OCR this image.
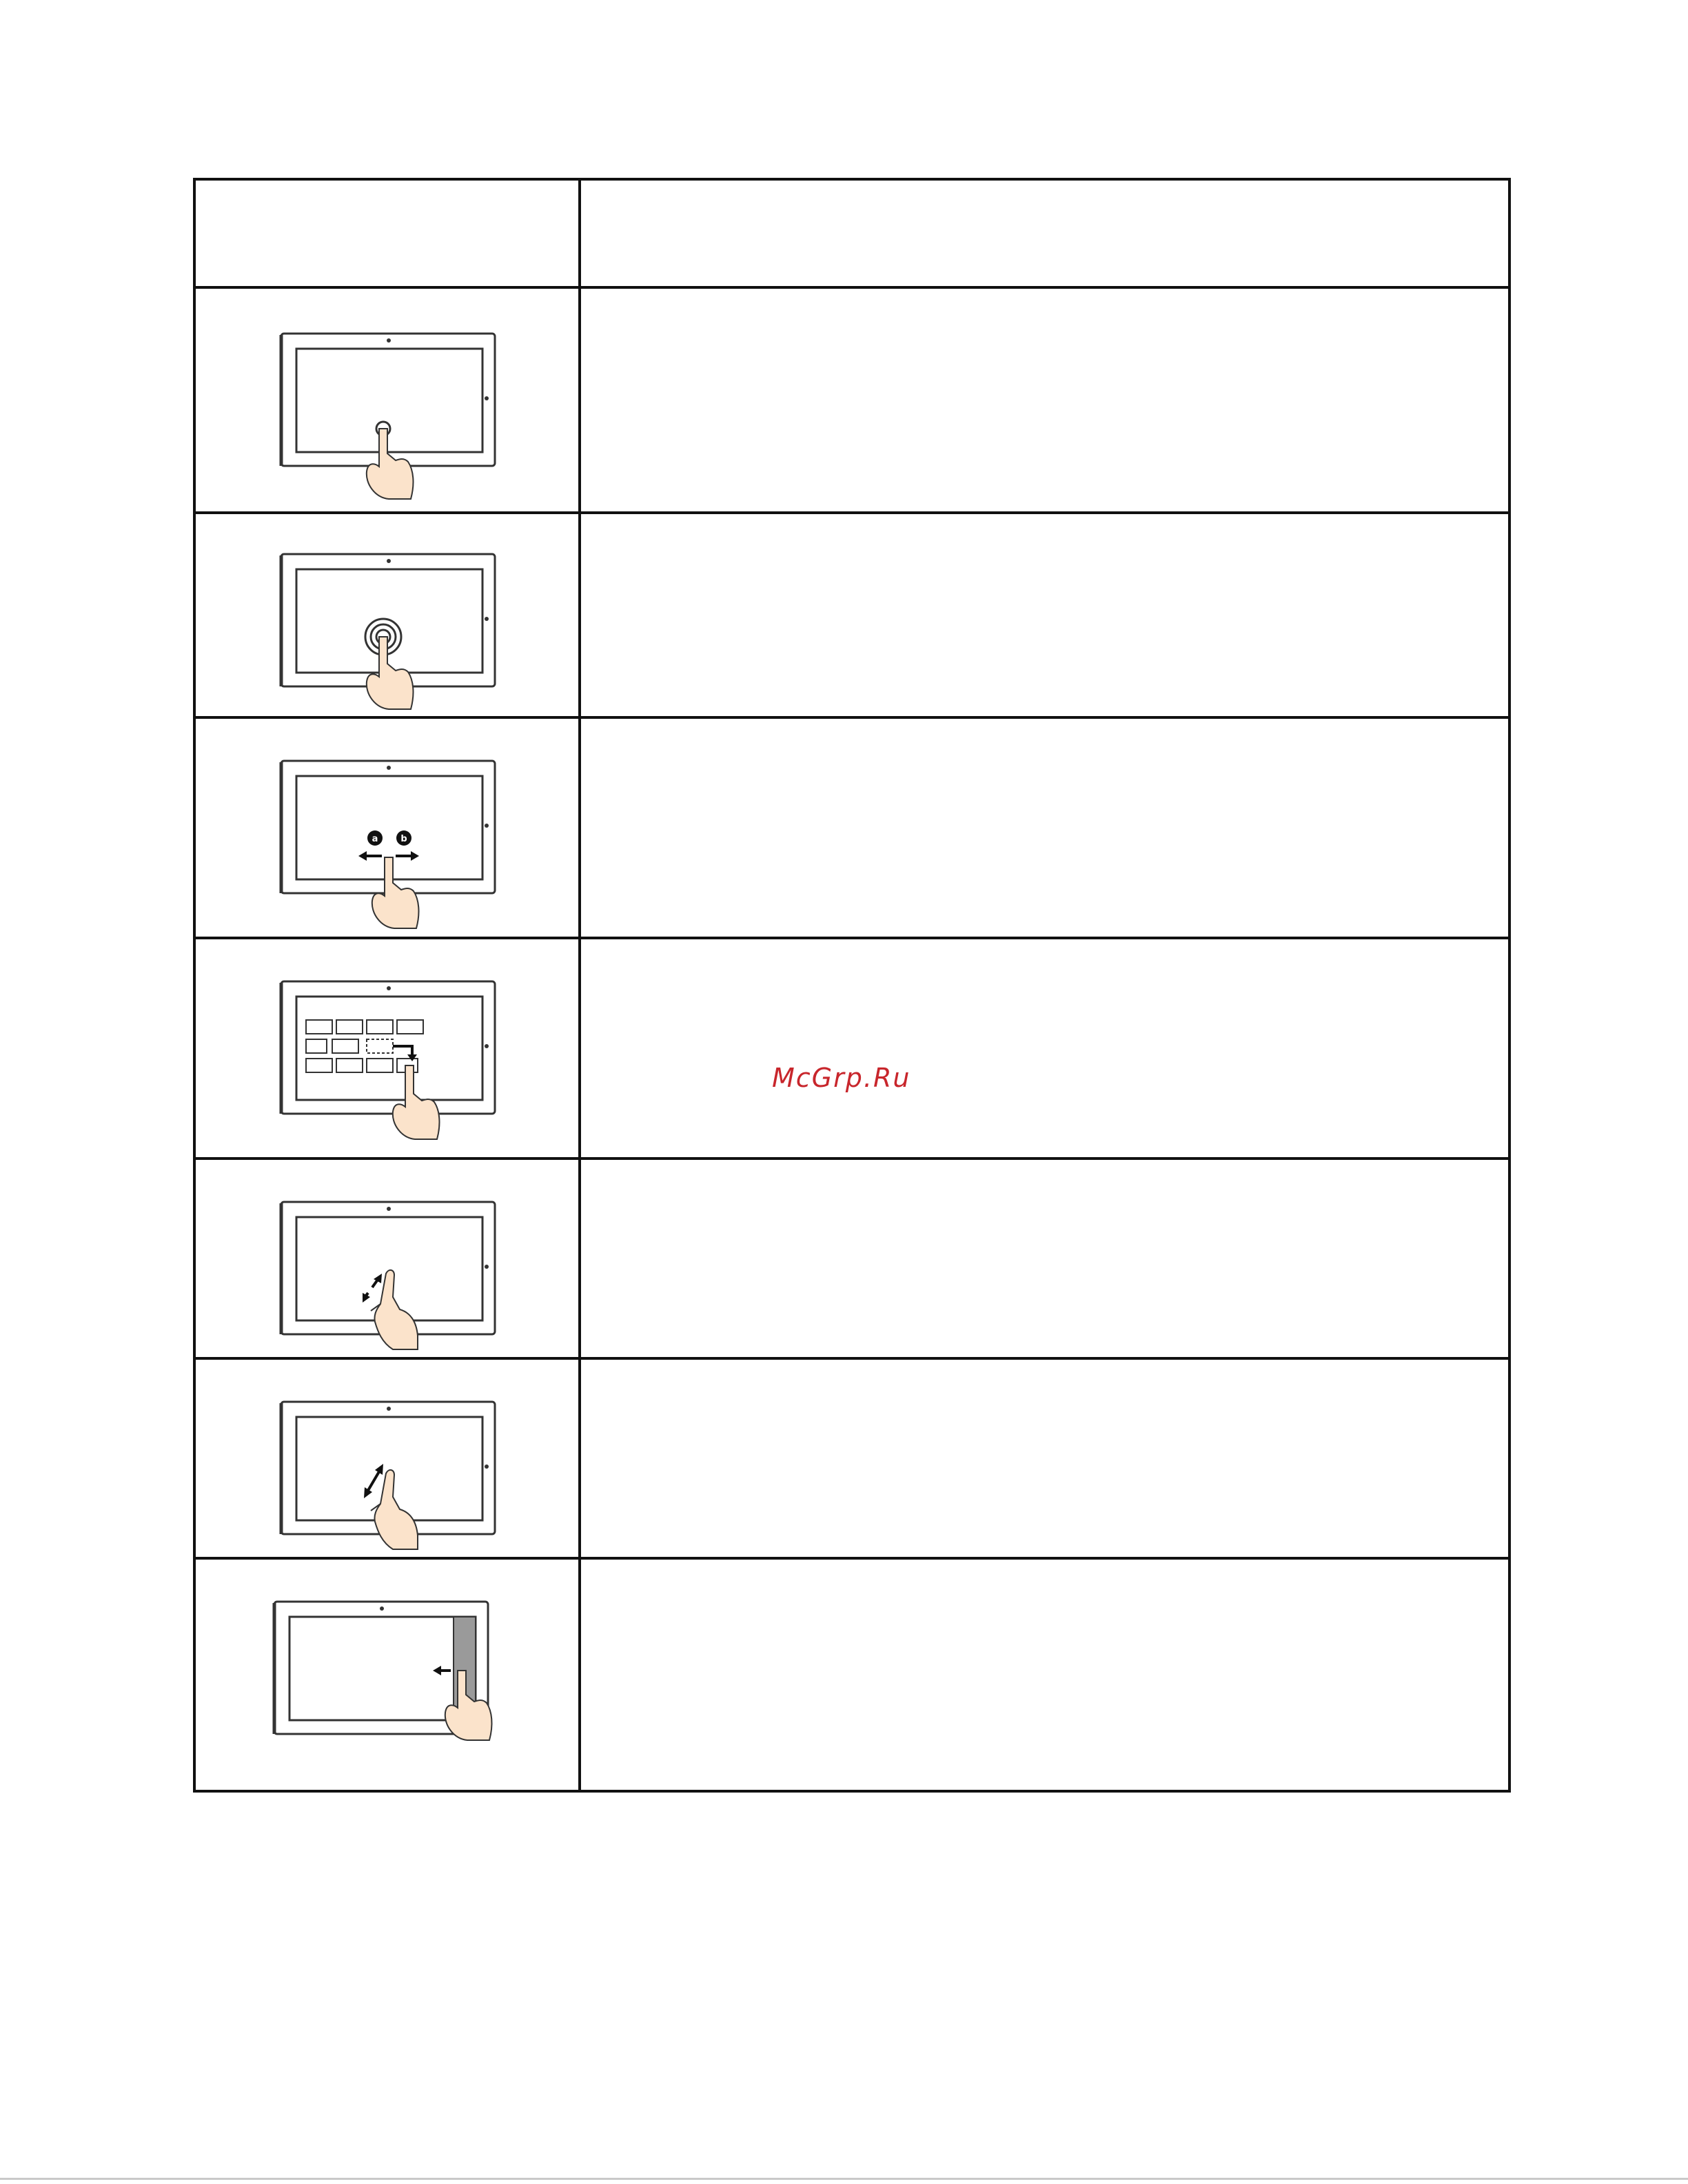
a	b
McGrp.Ru
